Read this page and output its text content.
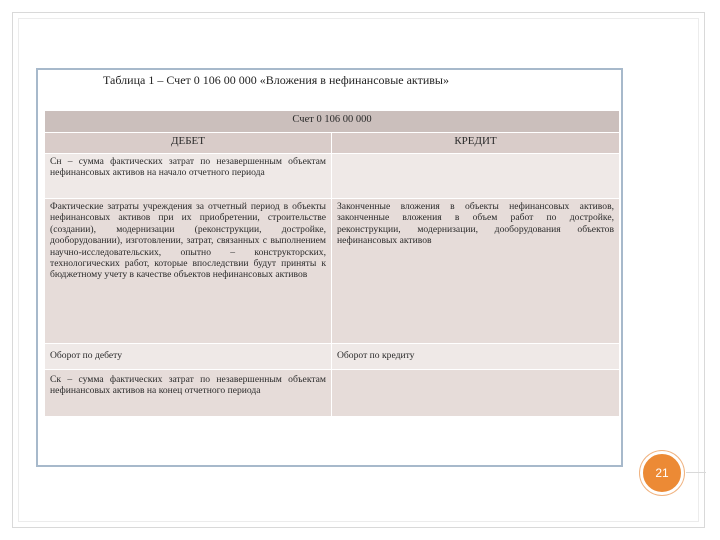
Таблица 1 – Счет 0 106 00 000 «Вложения в нефинансовые активы»
Счет 0 106 00 000	
ДЕБЕТ	КРЕДИТ
Сн – сумма фактических затрат по незавершенным объектам нефинансовых активов на начало отчетного периода	
Фактические затраты учреждения за отчетный период в объекты нефинансовых активов при их приобретении, строительстве (создании), модернизации (реконструкции, достройке, дооборудовании), изготовлении, затрат, связанных с выполнением научно-исследовательских, опытно – конструкторских, технологических работ, которые впоследствии будут приняты к бюджетному учету в качестве объектов нефинансовых активов	Законченные вложения в объекты нефинансовых активов, законченные вложения в объем работ по достройке, реконструкции, модернизации, дооборудования объектов нефинансовых активов
Оборот по дебету	Оборот по кредиту
Ск – сумма фактических затрат по незавершенным объектам нефинансовых активов на конец отчетного периода	
21
